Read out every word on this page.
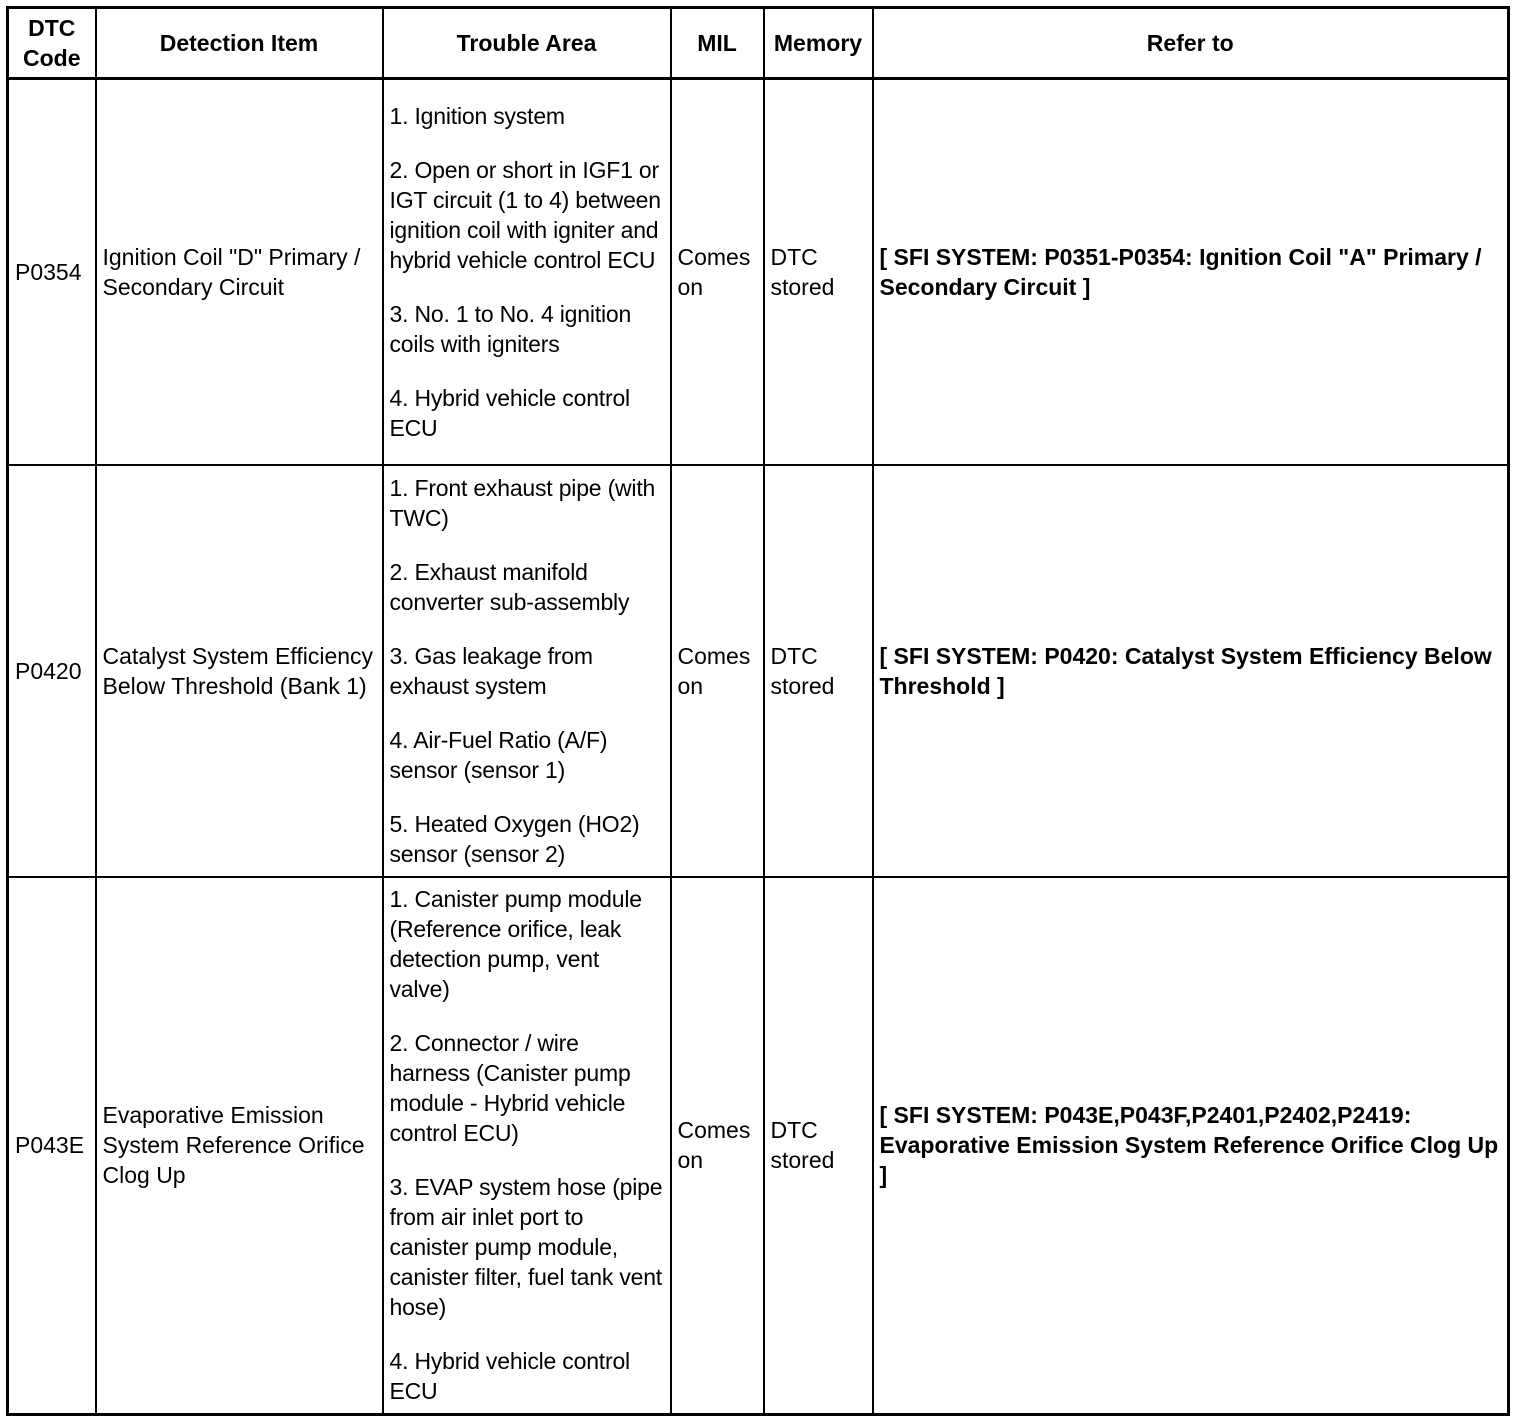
DTC
Code	Detection Item	Trouble Area	MIL	Memory	Refer to
P0354	Ignition Coil "D" Primary / Secondary Circuit	1. Ignition system
2. Open or short in IGF1 or IGT circuit (1 to 4) between ignition coil with igniter and hybrid vehicle control ECU
3. No. 1 to No. 4 ignition coils with igniters
4. Hybrid vehicle control ECU	Comes on	DTC stored	[ SFI SYSTEM: P0351-P0354: Ignition Coil "A" Primary / Secondary Circuit ]
P0420	Catalyst System Efficiency Below Threshold (Bank 1)	1. Front exhaust pipe (with TWC)
2. Exhaust manifold converter sub-assembly
3. Gas leakage from exhaust system
4. Air-Fuel Ratio (A/F) sensor (sensor 1)
5. Heated Oxygen (HO2) sensor (sensor 2)	Comes on	DTC stored	[ SFI SYSTEM: P0420: Catalyst System Efficiency Below Threshold ]
P043E	Evaporative Emission System Reference Orifice Clog Up	1. Canister pump module (Reference orifice, leak detection pump, vent valve)
2. Connector / wire harness (Canister pump module - Hybrid vehicle control ECU)
3. EVAP system hose (pipe from air inlet port to canister pump module, canister filter, fuel tank vent hose)
4. Hybrid vehicle control ECU	Comes on	DTC stored	[ SFI SYSTEM: P043E,P043F,P2401,P2402,P2419: Evaporative Emission System Reference Orifice Clog Up ]
